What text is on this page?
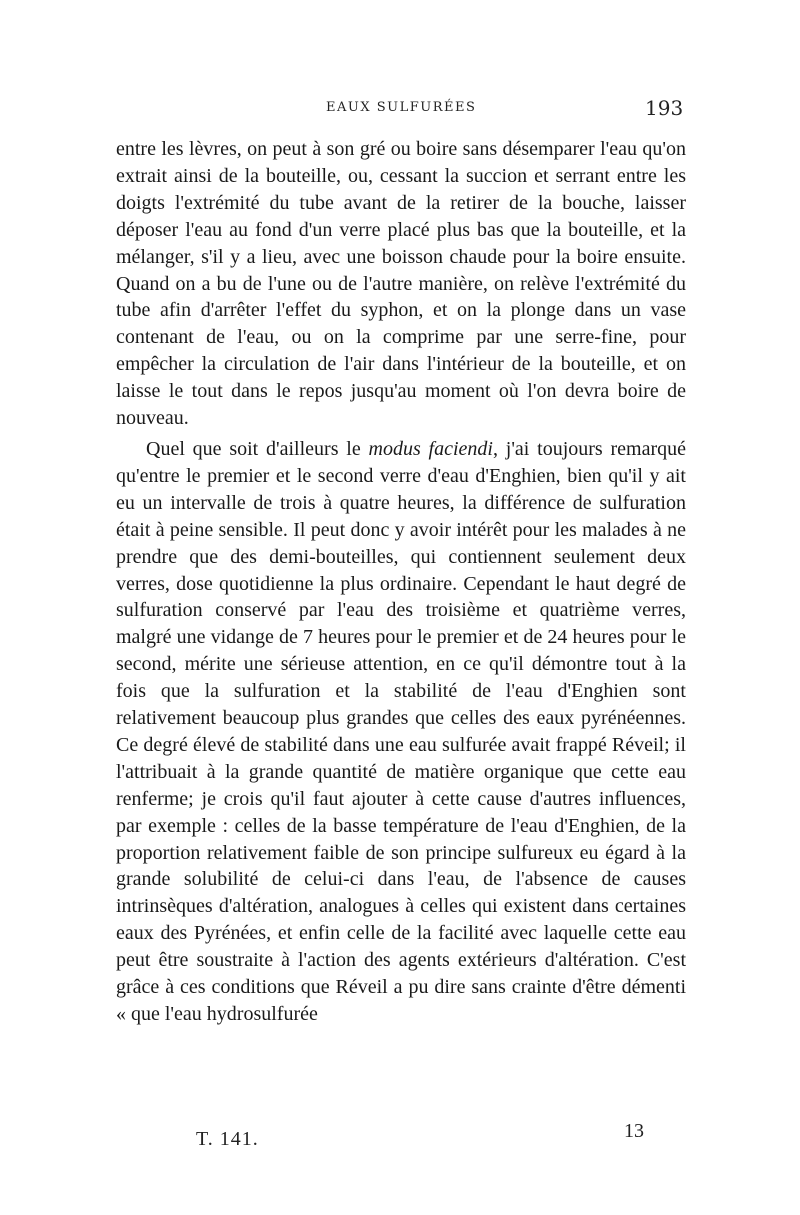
EAUX SULFURÉES	193

entre les lèvres, on peut à son gré ou boire sans désemparer l'eau qu'on extrait ainsi de la bouteille, ou, cessant la succion et serrant entre les doigts l'extrémité du tube avant de la retirer de la bouche, laisser déposer l'eau au fond d'un verre placé plus bas que la bouteille, et la mélanger, s'il y a lieu, avec une boisson chaude pour la boire ensuite. Quand on a bu de l'une ou de l'autre manière, on relève l'extrémité du tube afin d'arrêter l'effet du syphon, et on la plonge dans un vase contenant de l'eau, ou on la comprime par une serre-fine, pour empêcher la circulation de l'air dans l'intérieur de la bouteille, et on laisse le tout dans le repos jusqu'au moment où l'on devra boire de nouveau.

Quel que soit d'ailleurs le modus faciendi, j'ai toujours remarqué qu'entre le premier et le second verre d'eau d'Enghien, bien qu'il y ait eu un intervalle de trois à quatre heures, la différence de sulfuration était à peine sensible. Il peut donc y avoir intérêt pour les malades à ne prendre que des demi-bouteilles, qui contiennent seulement deux verres, dose quotidienne la plus ordinaire. Cependant le haut degré de sulfuration conservé par l'eau des troisième et quatrième verres, malgré une vidange de 7 heures pour le premier et de 24 heures pour le second, mérite une sérieuse attention, en ce qu'il démontre tout à la fois que la sulfuration et la stabilité de l'eau d'Enghien sont relativement beaucoup plus grandes que celles des eaux pyrénéennes. Ce degré élevé de stabilité dans une eau sulfurée avait frappé Réveil; il l'attribuait à la grande quantité de matière organique que cette eau renferme; je crois qu'il faut ajouter à cette cause d'autres influences, par exemple : celles de la basse température de l'eau d'Enghien, de la proportion relativement faible de son principe sulfureux eu égard à la grande solubilité de celui-ci dans l'eau, de l'absence de causes intrinsèques d'altération, analogues à celles qui existent dans certaines eaux des Pyrénées, et enfin celle de la facilité avec laquelle cette eau peut être soustraite à l'action des agents extérieurs d'altération. C'est grâce à ces conditions que Réveil a pu dire sans crainte d'être démenti « que l'eau hydrosulfurée

T. 141.	13
